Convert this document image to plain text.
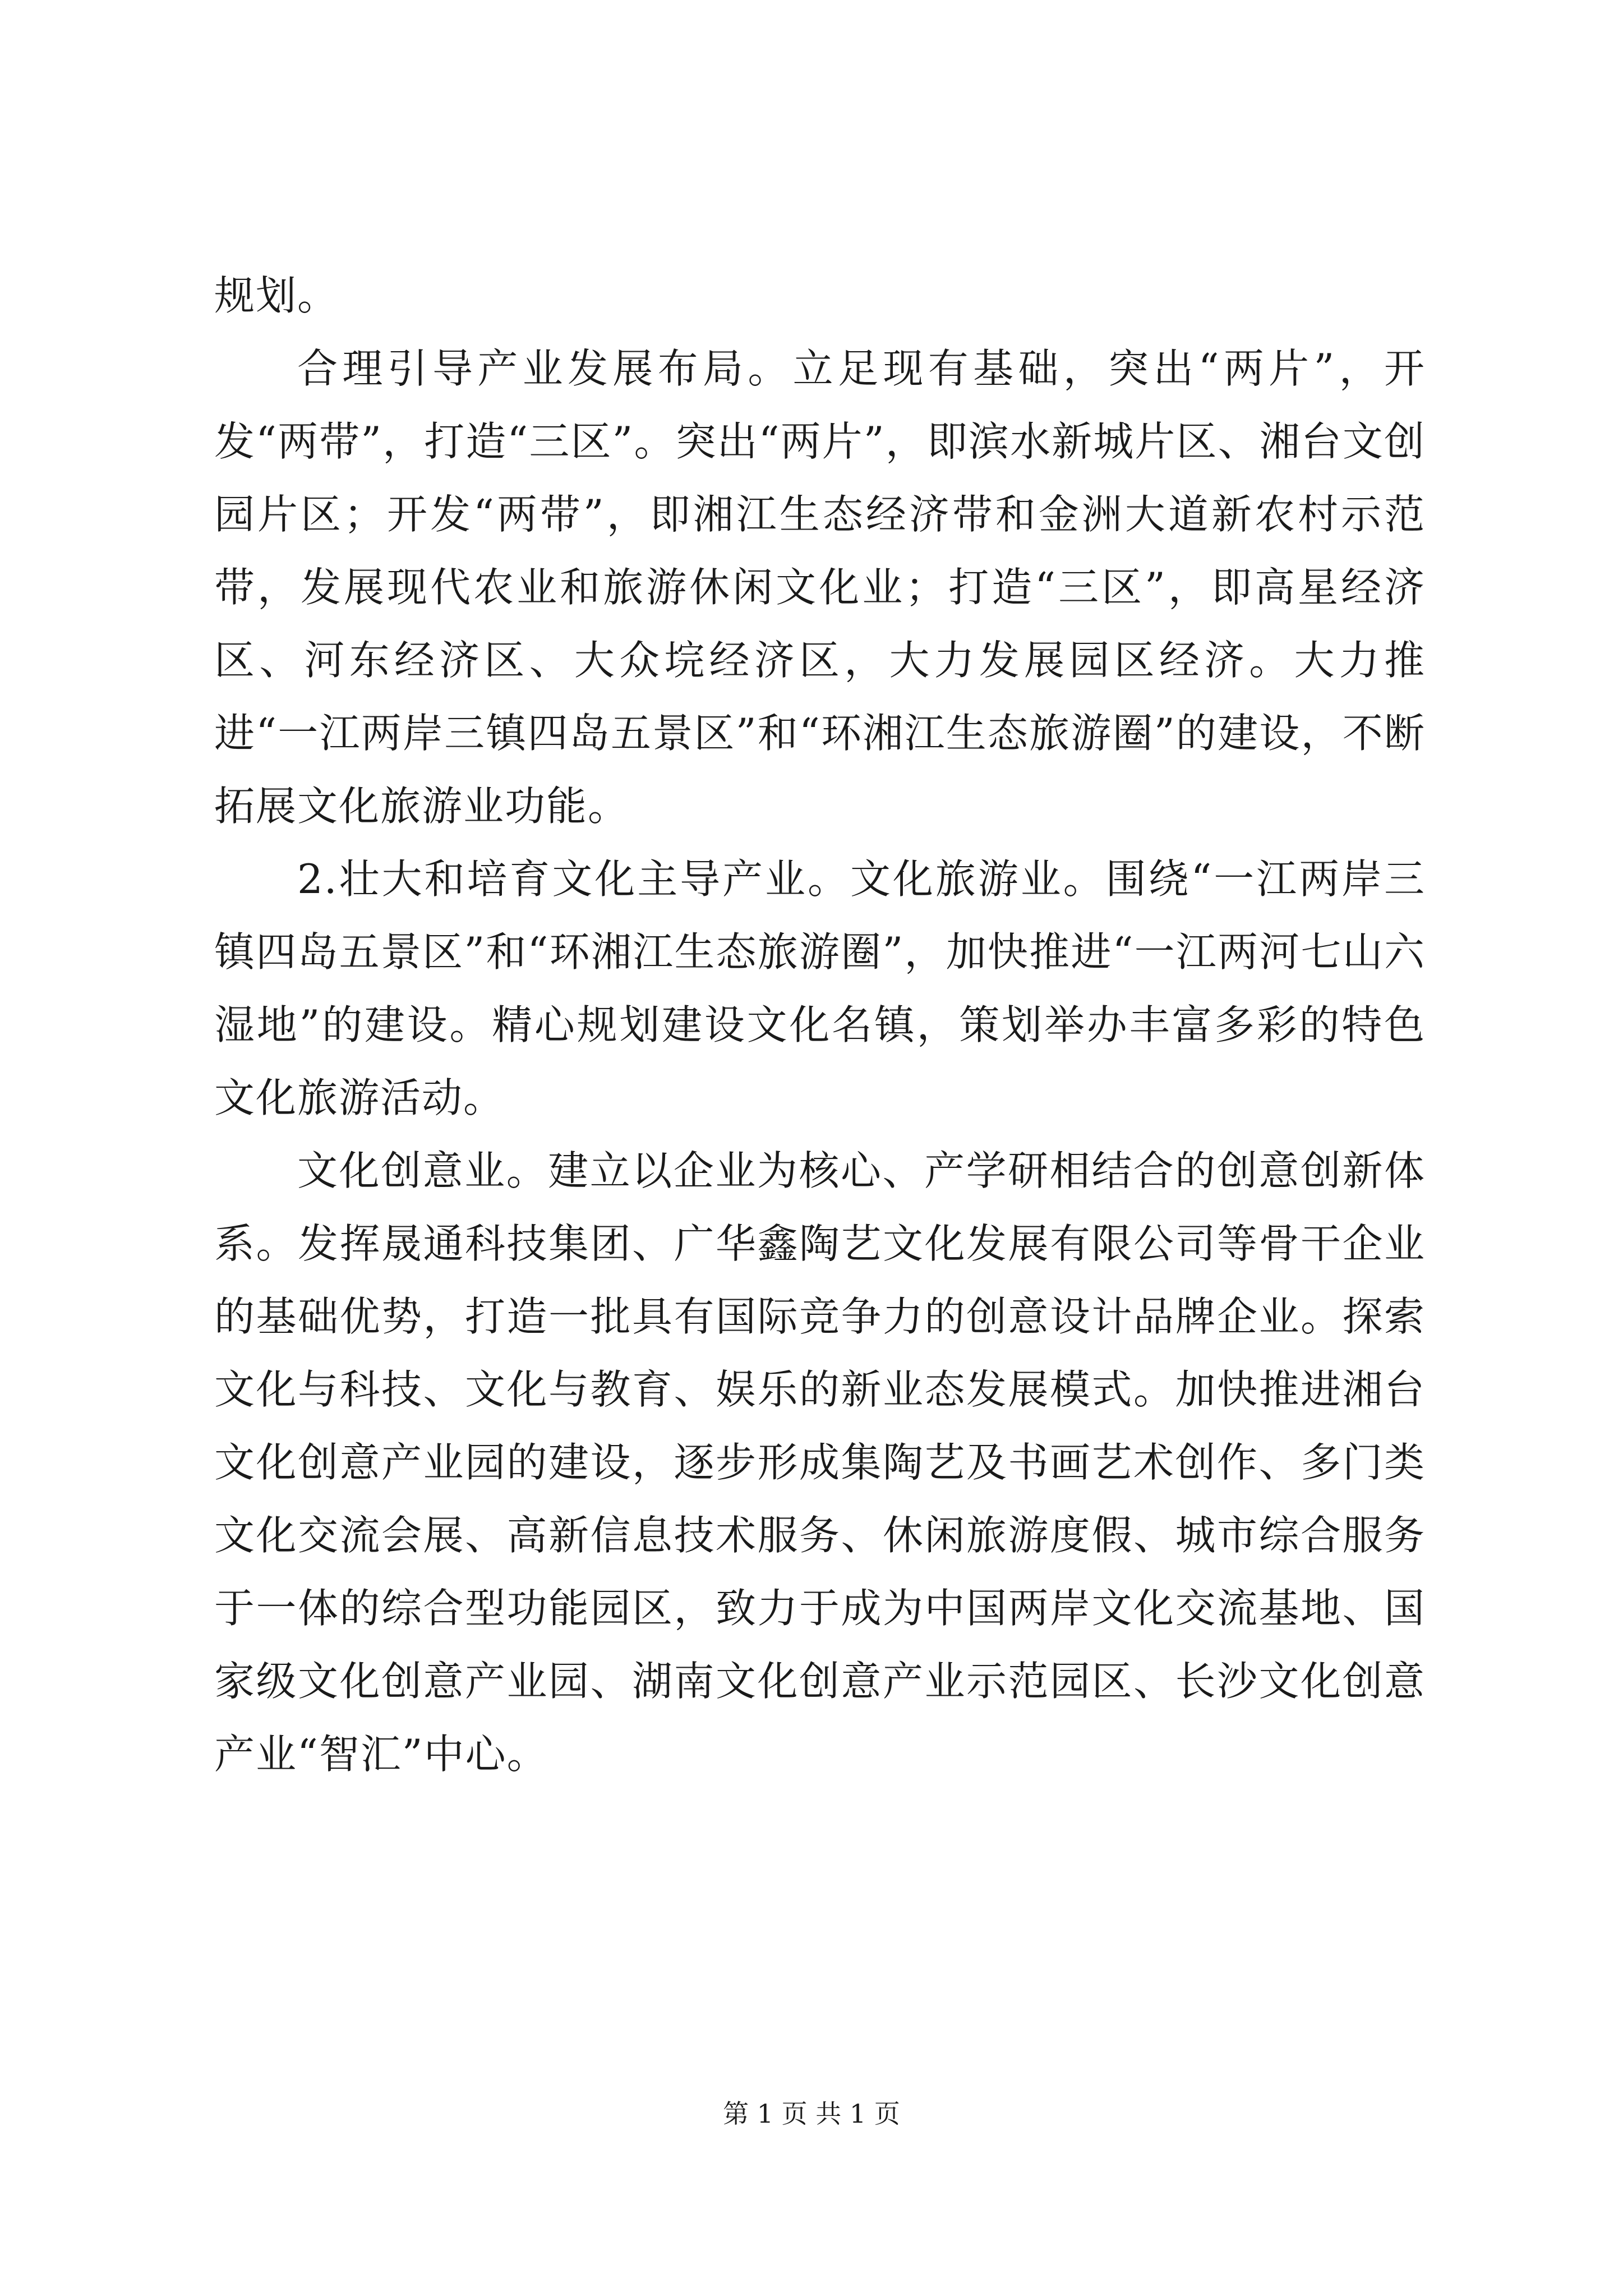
规划。

合理引导产业发展布局。立足现有基础，突出“两片”，开发“两带”，打造“三区”。突出“两片”，即滨水新城片区、湘台文创园片区；开发“两带”，即湘江生态经济带和金洲大道新农村示范带，发展现代农业和旅游休闲文化业；打造“三区”，即高星经济区、河东经济区、大众垸经济区，大力发展园区经济。大力推进“一江两岸三镇四岛五景区”和“环湘江生态旅游圈”的建设，不断拓展文化旅游业功能。

2.壮大和培育文化主导产业。文化旅游业。围绕“一江两岸三镇四岛五景区”和“环湘江生态旅游圈”，加快推进“一江两河七山六湿地”的建设。精心规划建设文化名镇，策划举办丰富多彩的特色文化旅游活动。

文化创意业。建立以企业为核心、产学研相结合的创意创新体系。发挥晟通科技集团、广华鑫陶艺文化发展有限公司等骨干企业的基础优势，打造一批具有国际竞争力的创意设计品牌企业。探索文化与科技、文化与教育、娱乐的新业态发展模式。加快推进湘台文化创意产业园的建设，逐步形成集陶艺及书画艺术创作、多门类文化交流会展、高新信息技术服务、休闲旅游度假、城市综合服务于一体的综合型功能园区，致力于成为中国两岸文化交流基地、国家级文化创意产业园、湖南文化创意产业示范园区、长沙文化创意产业“智汇”中心。

第 1 页 共 1 页
